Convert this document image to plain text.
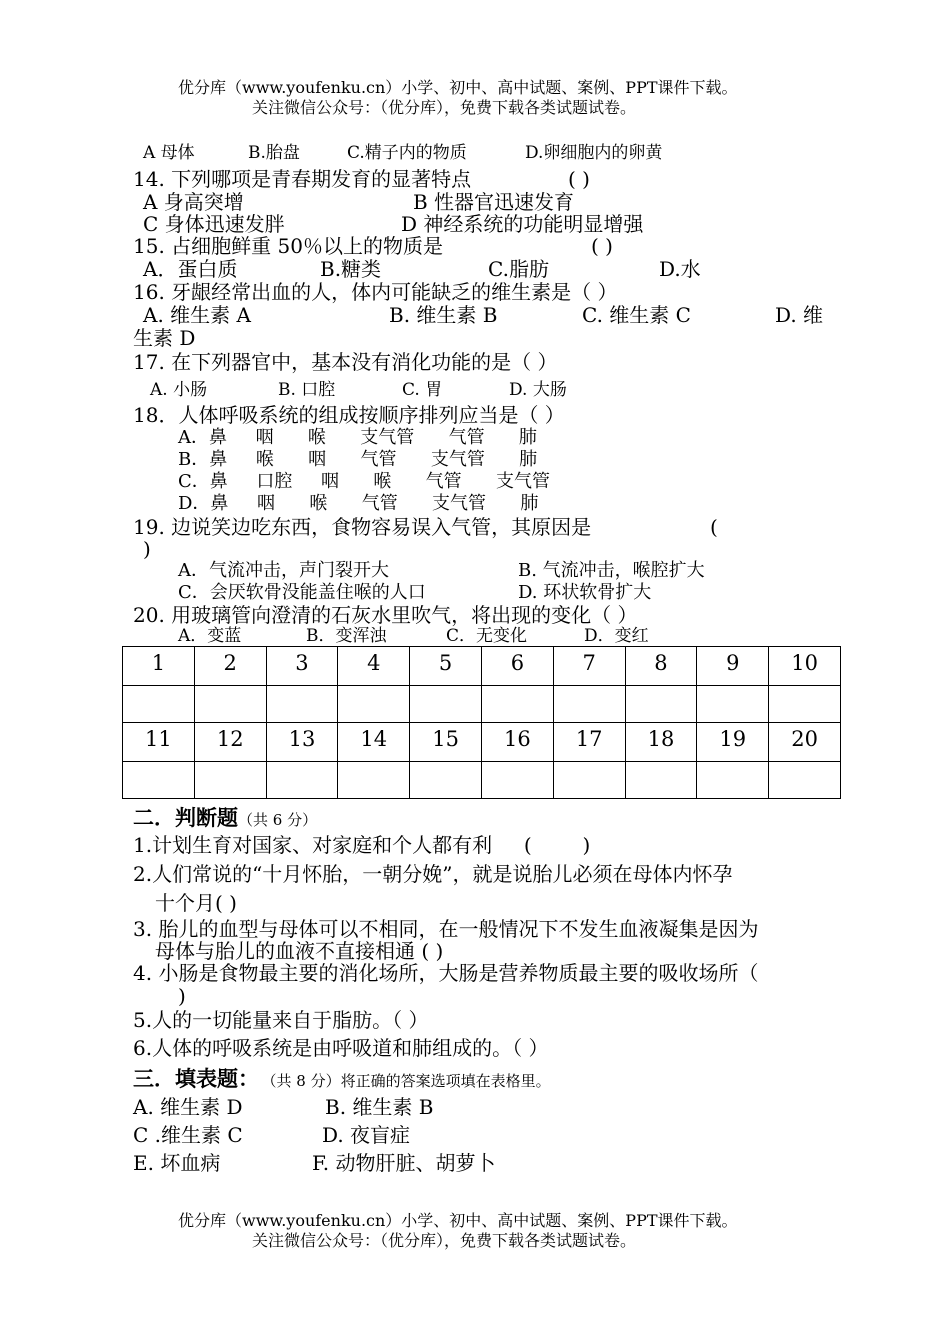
优分库（www.youfenku.cn）小学、初中、高中试题、案例、PPT课件下载。
关注微信公众号：（优分库），免费下载各类试题试卷。
A 母体	B.胎盘	C.精子内的物质	D.卵细胞内的卵黄
14. 下列哪项是青春期发育的显著特点	( )
A 身高突增	B 性器官迅速发育
C 身体迅速发胖	D 神经系统的功能明显增强
15. 占细胞鲜重 50％以上的物质是	( )
A．蛋白质	B.糖类	C.脂肪	D.水
16. 牙龈经常出血的人，体内可能缺乏的维生素是（ ）
A. 维生素 A	B. 维生素 B	C. 维生素 C	D. 维
生素 D
17. 在下列器官中，基本没有消化功能的是（ ）
A. 小肠	B. 口腔	C. 胃	D. 大肠
18．人体呼吸系统的组成按顺序排列应当是（ ）
A．鼻     咽      喉      支气管      气管      肺
B．鼻     喉      咽      气管      支气管      肺
C．鼻     口腔     咽      喉      气管      支气管
D．鼻     咽      喉      气管      支气管      肺
19. 边说笑边吃东西，食物容易误入气管，其原因是	(
)
A．气流冲击，声门裂开大	B. 气流冲击，喉腔扩大
C．会厌软骨没能盖住喉的人口	D. 环状软骨扩大
20. 用玻璃管向澄清的石灰水里吹气，将出现的变化（ ）
A．变蓝	B．变浑浊	C．无变化	D．变红
1	2	3	4	5	6	7	8	9	10

11	12	13	14	15	16	17	18	19	20

二．判断题（共 6 分）
1.计划生育对国家、对家庭和个人都有利     (        )
2.人们常说的“十月怀胎，一朝分娩”，就是说胎儿必须在母体内怀孕
十个月( )
3. 胎儿的血型与母体可以不相同，在一般情况下不发生血液凝集是因为
母体与胎儿的血液不直接相通 ( )
4. 小肠是食物最主要的消化场所，大肠是营养物质最主要的吸收场所（
)
5.人的一切能量来自于脂肪。（ ）
6.人体的呼吸系统是由呼吸道和肺组成的。（ ）
三．填表题： （共 8 分）将正确的答案选项填在表格里。
A. 维生素 D	B. 维生素 B
C .维生素 C	D. 夜盲症
E. 坏血病	F. 动物肝脏、胡萝卜
优分库（www.youfenku.cn）小学、初中、高中试题、案例、PPT课件下载。
关注微信公众号：（优分库），免费下载各类试题试卷。
